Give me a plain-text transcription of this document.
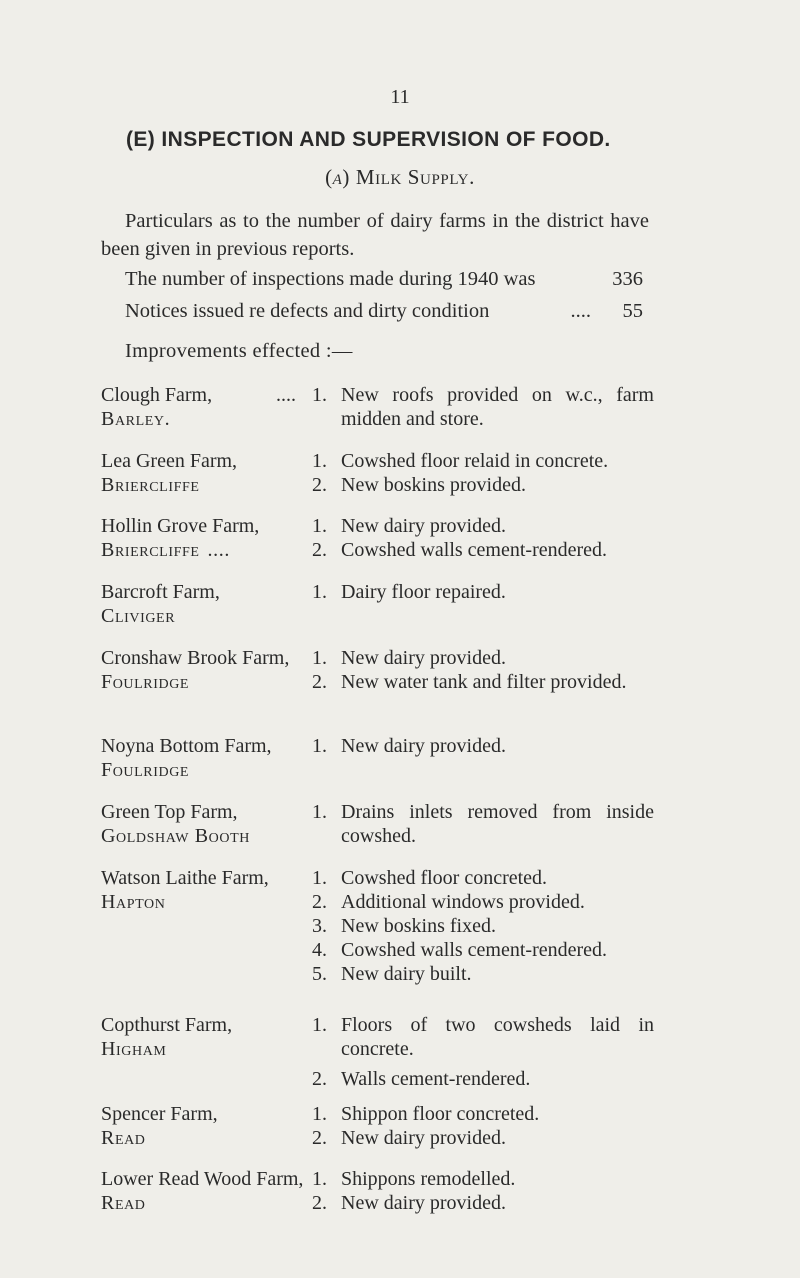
11
(E) INSPECTION AND SUPERVISION OF FOOD.
(a) Milk Supply.
Particulars as to the number of dairy farms in the district have been given in previous reports.
The number of inspections made during 1940 was	336
Notices issued re defects and dirty condition	.... 55
Improvements effected :—
Clough Farm,
Barley.
.... 1. New roofs provided on w.c., farm midden and store.
Lea Green Farm,
Briercliffe
1. Cowshed floor relaid in concrete.
2. New boskins provided.
Hollin Grove Farm,
Briercliffe ....
1. New dairy provided.
2. Cowshed walls cement-rendered.
Barcroft Farm,
Cliviger
1. Dairy floor repaired.
Cronshaw Brook Farm,
Foulridge
1. New dairy provided.
2. New water tank and filter provided.
Noyna Bottom Farm,
Foulridge
1. New dairy provided.
Green Top Farm,
Goldshaw Booth
1. Drains inlets removed from inside cowshed.
Watson Laithe Farm,
Hapton
1. Cowshed floor concreted.
2. Additional windows provided.
3. New boskins fixed.
4. Cowshed walls cement-rendered.
5. New dairy built.
Copthurst Farm,
Higham
1. Floors of two cowsheds laid in concrete.
2. Walls cement-rendered.
Spencer Farm,
Read
1. Shippon floor concreted.
2. New dairy provided.
Lower Read Wood Farm,
Read
1. Shippons remodelled.
2. New dairy provided.
